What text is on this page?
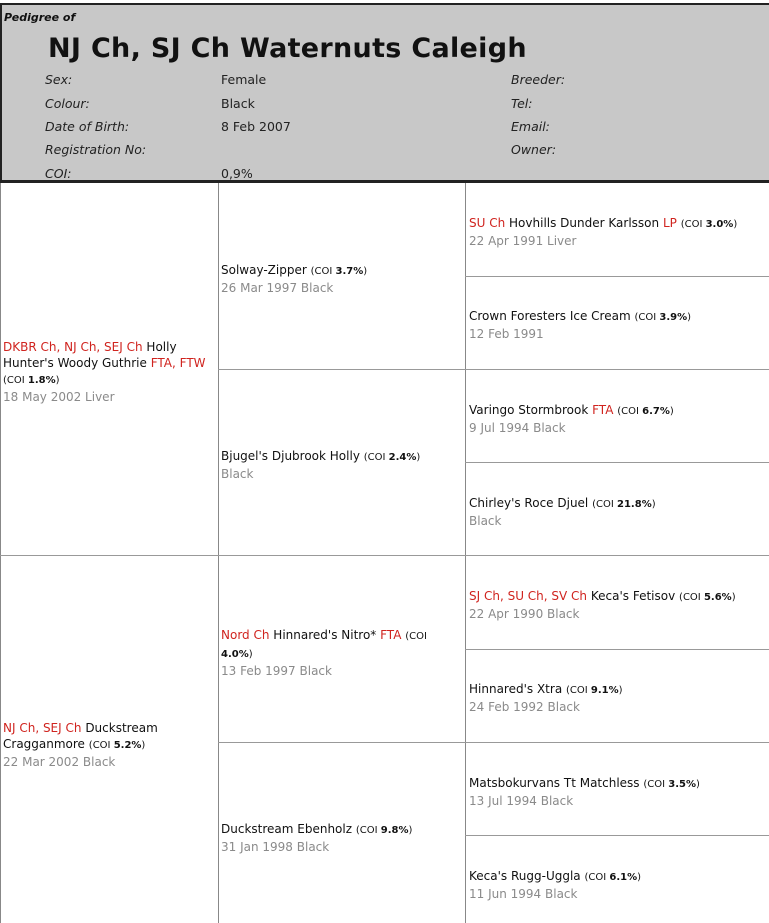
Pedigree of
NJ Ch, SJ Ch Waternuts Caleigh
Sex:	Female	Breeder:
Colour:	Black	Tel:
Date of Birth:	8 Feb 2007	Email:
Registration No:	Owner:
COI:	0,9%
DKBR Ch, NJ Ch, SEJ Ch Holly Hunter's Woody Guthrie FTA, FTW (COI 1.8%)
18 May 2002 Liver
NJ Ch, SEJ Ch Duckstream Cragganmore (COI 5.2%)
22 Mar 2002 Black
Solway-Zipper (COI 3.7%)
26 Mar 1997 Black
Bjugel's Djubrook Holly (COI 2.4%)
Black
Nord Ch Hinnared's Nitro* FTA (COI 4.0%)
13 Feb 1997 Black
Duckstream Ebenholz (COI 9.8%)
31 Jan 1998 Black
SU Ch Hovhills Dunder Karlsson LP (COI 3.0%)
22 Apr 1991 Liver
Crown Foresters Ice Cream (COI 3.9%)
12 Feb 1991
Varingo Stormbrook FTA (COI 6.7%)
9 Jul 1994 Black
Chirley's Roce Djuel (COI 21.8%)
Black
SJ Ch, SU Ch, SV Ch Keca's Fetisov (COI 5.6%)
22 Apr 1990 Black
Hinnared's Xtra (COI 9.1%)
24 Feb 1992 Black
Matsbokurvans Tt Matchless (COI 3.5%)
13 Jul 1994 Black
Keca's Rugg-Uggla (COI 6.1%)
11 Jun 1994 Black
